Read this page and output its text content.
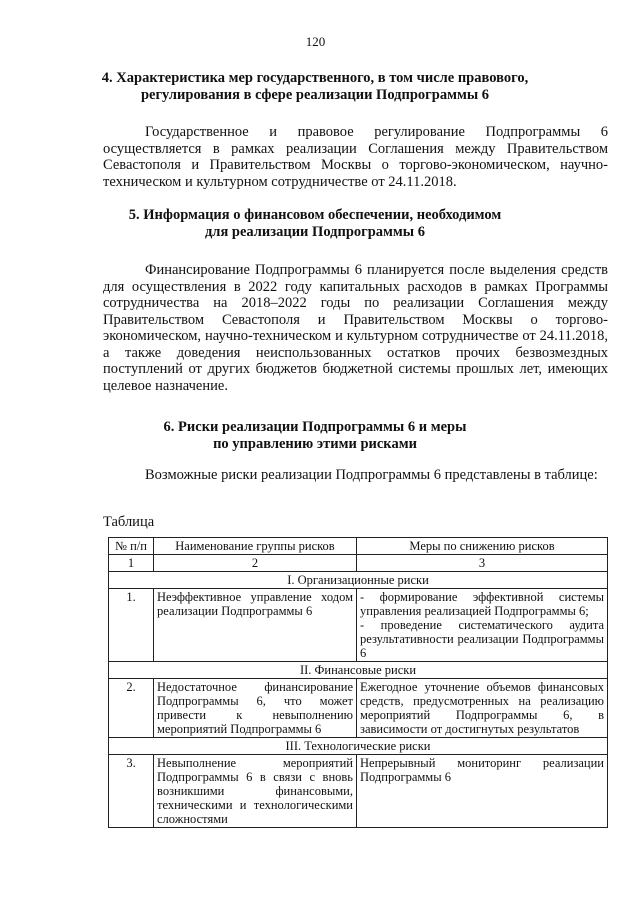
120
4. Характеристика мер государственного, в том числе правового,
регулирования в сфере реализации Подпрограммы 6
Государственное и правовое регулирование Подпрограммы 6 осуществляется в рамках реализации Соглашения между Правительством Севастополя и Правительством Москвы о торгово-экономическом, научно-техническом и культурном сотрудничестве от 24.11.2018.
5. Информация о финансовом обеспечении, необходимом
для реализации Подпрограммы 6
Финансирование Подпрограммы 6 планируется после выделения средств для осуществления в 2022 году капитальных расходов в рамках Программы сотрудничества на 2018–2022 годы по реализации Соглашения между Правительством Севастополя и Правительством Москвы о торгово-экономическом, научно-техническом и культурном сотрудничестве от 24.11.2018, а также доведения неиспользованных остатков прочих безвозмездных поступлений от других бюджетов бюджетной системы прошлых лет, имеющих целевое назначение.
6. Риски реализации Подпрограммы 6 и меры
по управлению этими рисками
Возможные риски реализации Подпрограммы 6 представлены в таблице:
Таблица
№ п/п	Наименование группы рисков	Меры по снижению рисков
1	2	3
I. Организационные риски		
1.	Неэффективное управление ходом реализации Подпрограммы 6	- формирование эффективной системы управления реализацией Подпрограммы 6;
- проведение систематического аудита результативности реализации Подпрограммы 6

II. Финансовые риски		
2.	Недостаточное финансирование Подпрограммы 6, что может привести к невыполнению мероприятий Подпрограммы 6	Ежегодное уточнение объемов финансовых средств, предусмотренных на реализацию мероприятий Подпрограммы 6, в зависимости от достигнутых результатов

III. Технологические риски		
3.	Невыполнение мероприятий Подпрограммы 6 в связи с вновь возникшими финансовыми, техническими и технологическими сложностями	Непрерывный мониторинг реализации Подпрограммы 6
